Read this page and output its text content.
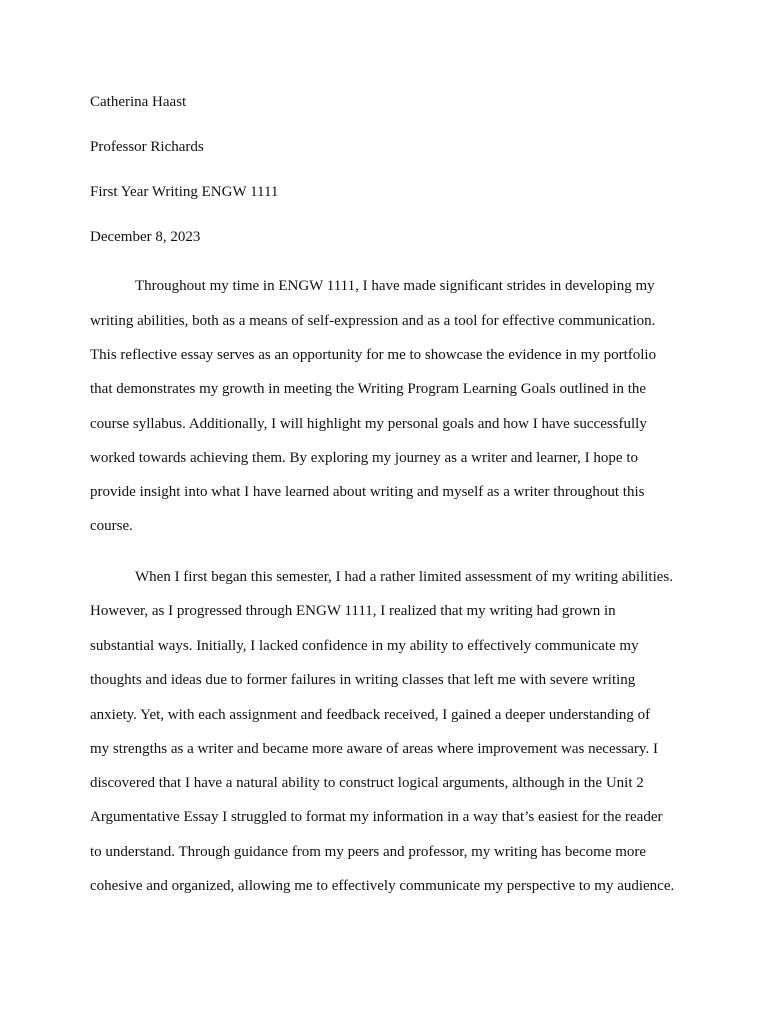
Catherina Haast
Professor Richards
First Year Writing ENGW 1111
December 8, 2023
Throughout my time in ENGW 1111, I have made significant strides in developing my
writing abilities, both as a means of self-expression and as a tool for effective communication.
This reflective essay serves as an opportunity for me to showcase the evidence in my portfolio
that demonstrates my growth in meeting the Writing Program Learning Goals outlined in the
course syllabus. Additionally, I will highlight my personal goals and how I have successfully
worked towards achieving them. By exploring my journey as a writer and learner, I hope to
provide insight into what I have learned about writing and myself as a writer throughout this
course.
When I first began this semester, I had a rather limited assessment of my writing abilities.
However, as I progressed through ENGW 1111, I realized that my writing had grown in
substantial ways. Initially, I lacked confidence in my ability to effectively communicate my
thoughts and ideas due to former failures in writing classes that left me with severe writing
anxiety. Yet, with each assignment and feedback received, I gained a deeper understanding of
my strengths as a writer and became more aware of areas where improvement was necessary. I
discovered that I have a natural ability to construct logical arguments, although in the Unit 2
Argumentative Essay I struggled to format my information in a way that’s easiest for the reader
to understand. Through guidance from my peers and professor, my writing has become more
cohesive and organized, allowing me to effectively communicate my perspective to my audience.
